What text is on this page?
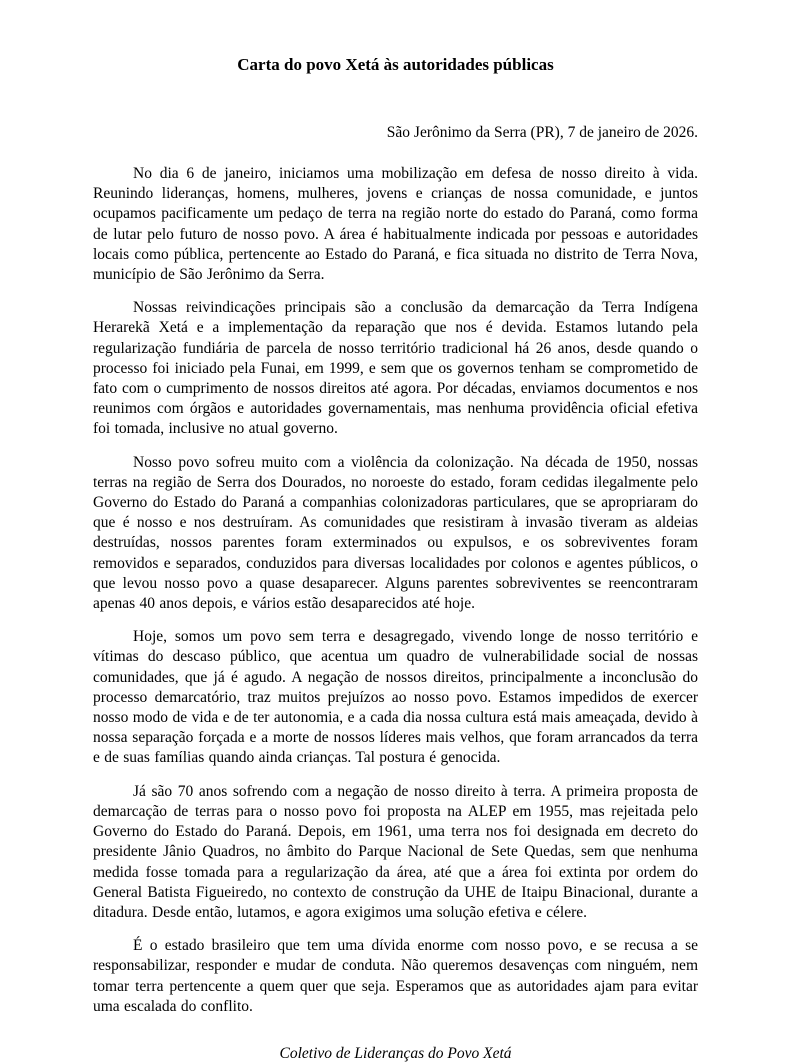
Carta do povo Xetá às autoridades públicas
São Jerônimo da Serra (PR), 7 de janeiro de 2026.

No dia 6 de janeiro, iniciamos uma mobilização em defesa de nosso direito à vida. Reunindo lideranças, homens, mulheres, jovens e crianças de nossa comunidade, e juntos ocupamos pacificamente um pedaço de terra na região norte do estado do Paraná, como forma de lutar pelo futuro de nosso povo. A área é habitualmente indicada por pessoas e autoridades locais como pública, pertencente ao Estado do Paraná, e fica situada no distrito de Terra Nova, município de São Jerônimo da Serra.

Nossas reivindicações principais são a conclusão da demarcação da Terra Indígena Herarekã Xetá e a implementação da reparação que nos é devida. Estamos lutando pela regularização fundiária de parcela de nosso território tradicional há 26 anos, desde quando o processo foi iniciado pela Funai, em 1999, e sem que os governos tenham se comprometido de fato com o cumprimento de nossos direitos até agora. Por décadas, enviamos documentos e nos reunimos com órgãos e autoridades governamentais, mas nenhuma providência oficial efetiva foi tomada, inclusive no atual governo.

Nosso povo sofreu muito com a violência da colonização. Na década de 1950, nossas terras na região de Serra dos Dourados, no noroeste do estado, foram cedidas ilegalmente pelo Governo do Estado do Paraná a companhias colonizadoras particulares, que se apropriaram do que é nosso e nos destruíram. As comunidades que resistiram à invasão tiveram as aldeias destruídas, nossos parentes foram exterminados ou expulsos, e os sobreviventes foram removidos e separados, conduzidos para diversas localidades por colonos e agentes públicos, o que levou nosso povo a quase desaparecer. Alguns parentes sobreviventes se reencontraram apenas 40 anos depois, e vários estão desaparecidos até hoje.

Hoje, somos um povo sem terra e desagregado, vivendo longe de nosso território e vítimas do descaso público, que acentua um quadro de vulnerabilidade social de nossas comunidades, que já é agudo. A negação de nossos direitos, principalmente a inconclusão do processo demarcatório, traz muitos prejuízos ao nosso povo. Estamos impedidos de exercer nosso modo de vida e de ter autonomia, e a cada dia nossa cultura está mais ameaçada, devido à nossa separação forçada e a morte de nossos líderes mais velhos, que foram arrancados da terra e de suas famílias quando ainda crianças. Tal postura é genocida.

Já são 70 anos sofrendo com a negação de nosso direito à terra. A primeira proposta de demarcação de terras para o nosso povo foi proposta na ALEP em 1955, mas rejeitada pelo Governo do Estado do Paraná. Depois, em 1961, uma terra nos foi designada em decreto do presidente Jânio Quadros, no âmbito do Parque Nacional de Sete Quedas, sem que nenhuma medida fosse tomada para a regularização da área, até que a área foi extinta por ordem do General Batista Figueiredo, no contexto de construção da UHE de Itaipu Binacional, durante a ditadura. Desde então, lutamos, e agora exigimos uma solução efetiva e célere.

É o estado brasileiro que tem uma dívida enorme com nosso povo, e se recusa a se responsabilizar, responder e mudar de conduta. Não queremos desavenças com ninguém, nem tomar terra pertencente a quem quer que seja. Esperamos que as autoridades ajam para evitar uma escalada do conflito.

Coletivo de Lideranças do Povo Xetá
